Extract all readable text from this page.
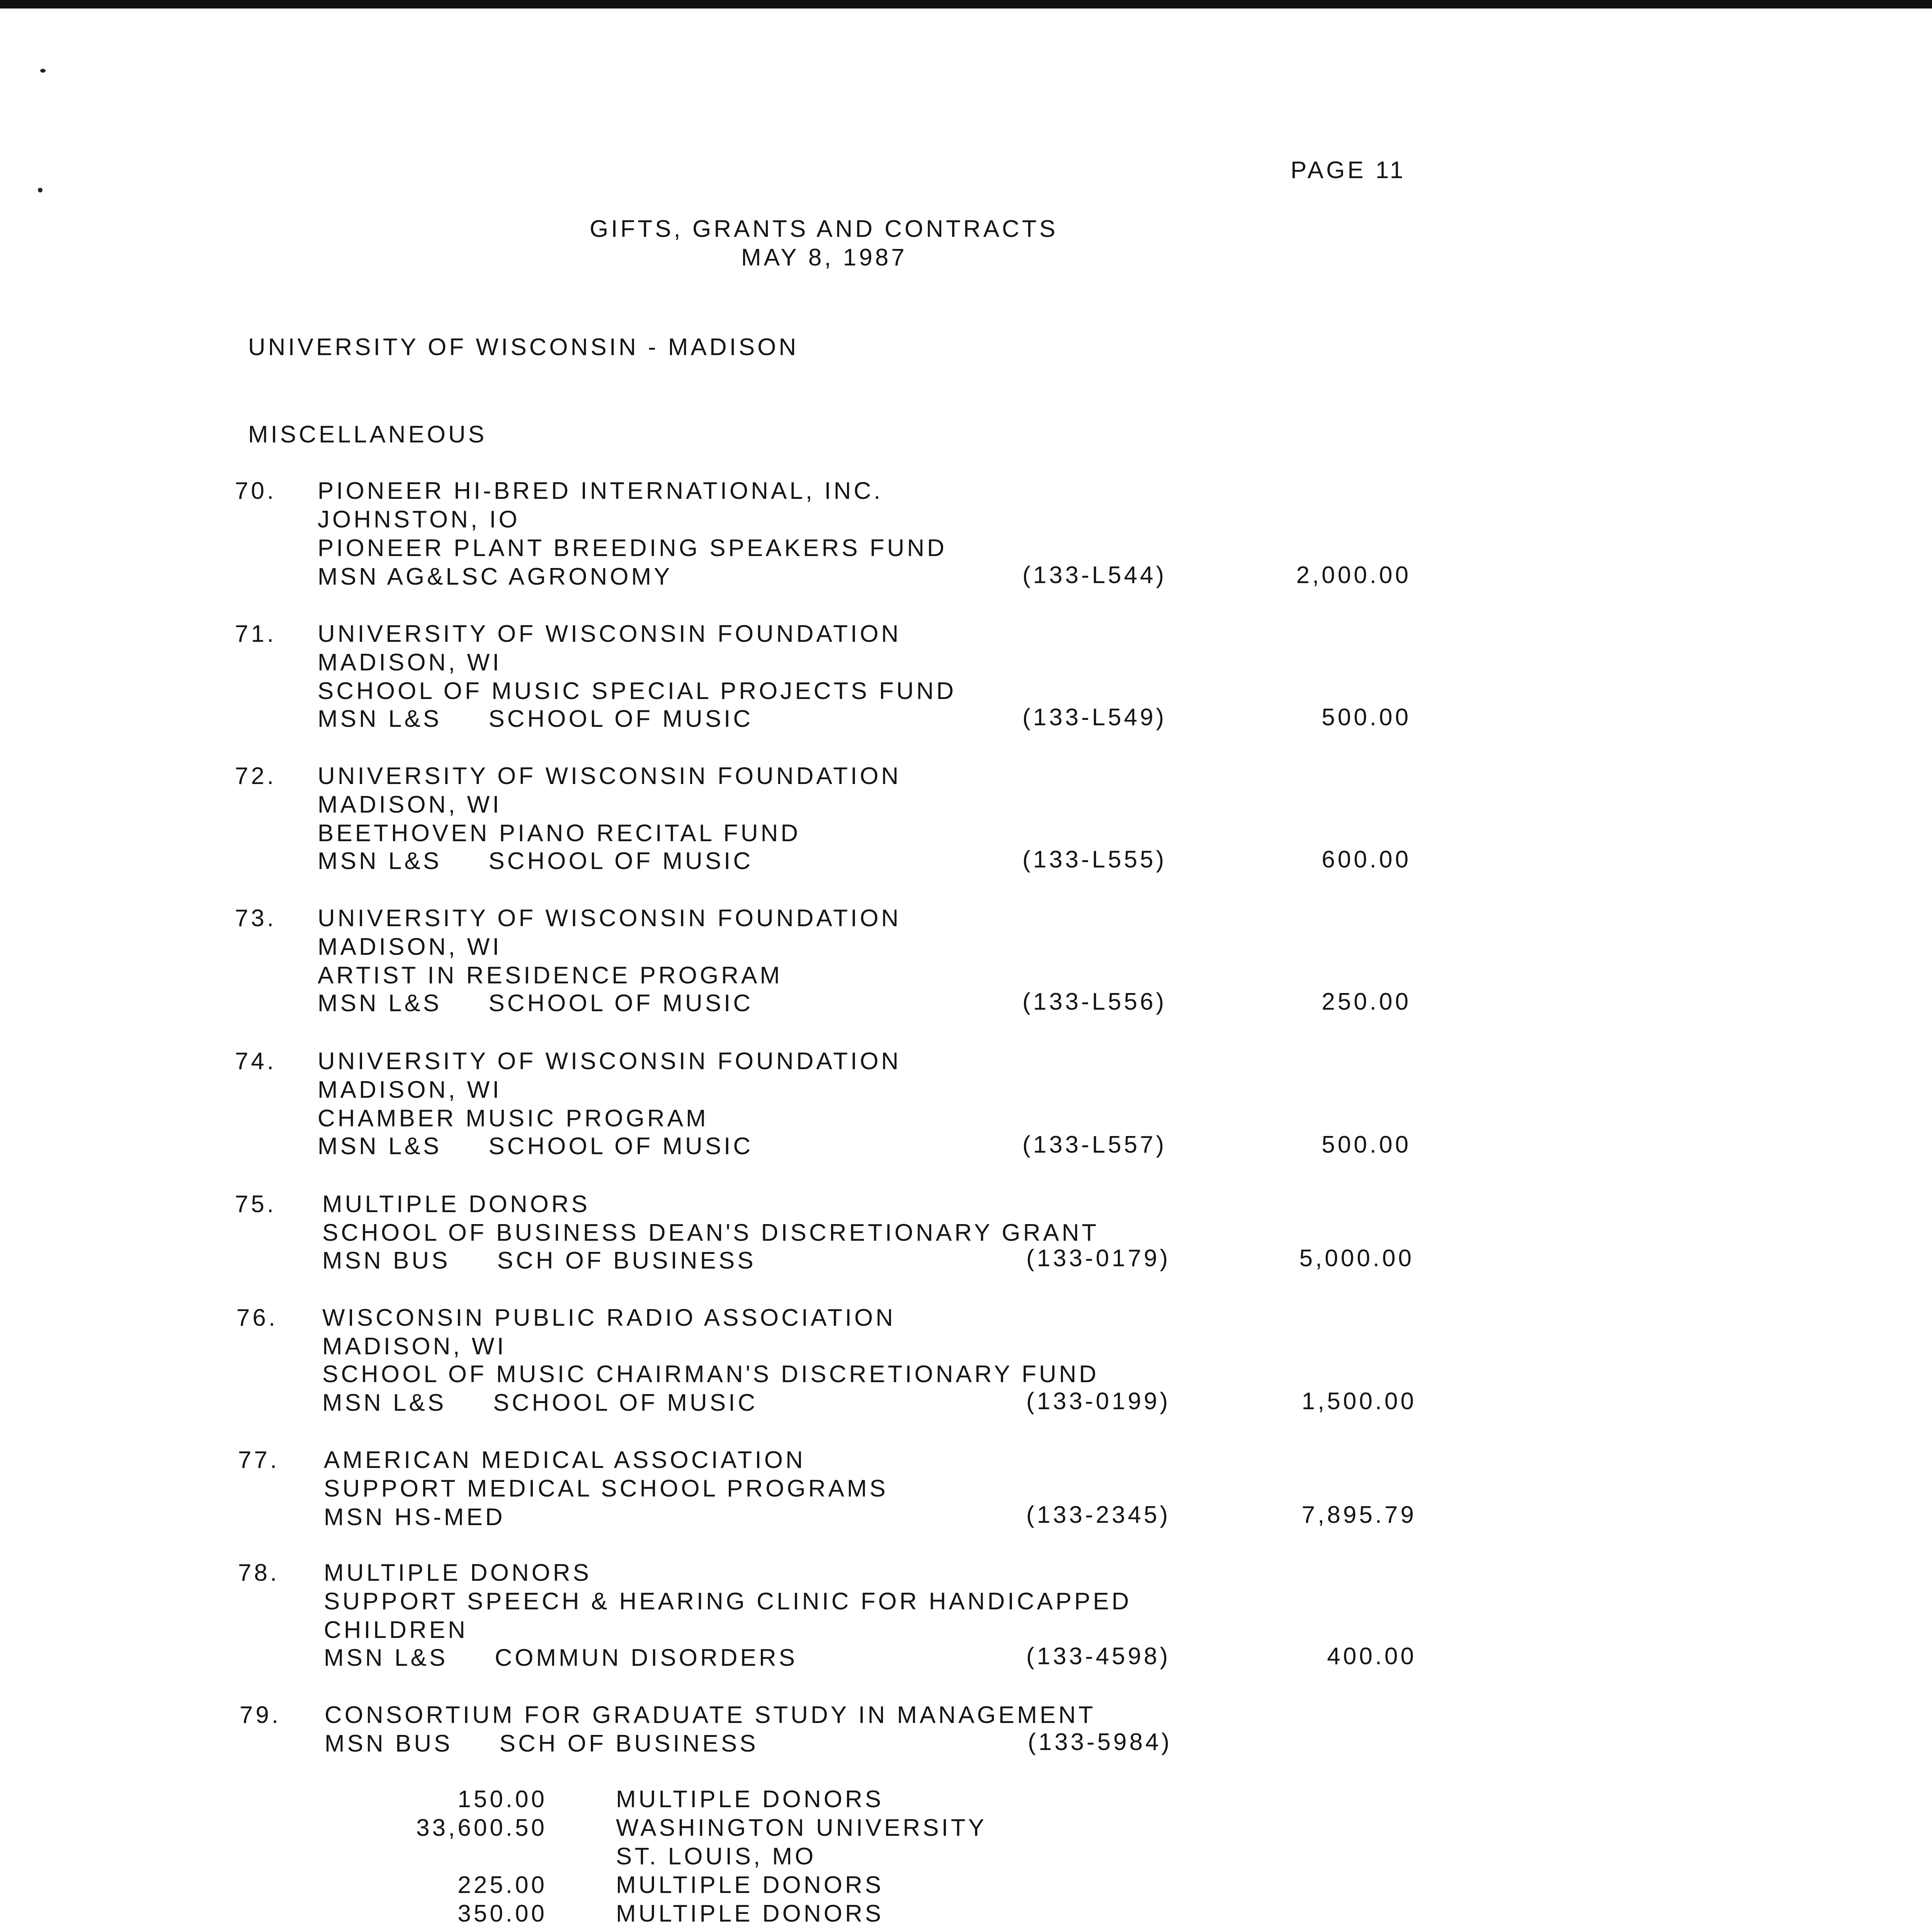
PAGE 11
GIFTS, GRANTS AND CONTRACTS
MAY 8, 1987
UNIVERSITY OF WISCONSIN - MADISON
MISCELLANEOUS
70. PIONEER HI-BRED INTERNATIONAL, INC.
JOHNSTON, IO
PIONEER PLANT BREEDING SPEAKERS FUND
MSN AG&LSC AGRONOMY	(133-L544)	2,000.00
71. UNIVERSITY OF WISCONSIN FOUNDATION
MADISON, WI
SCHOOL OF MUSIC SPECIAL PROJECTS FUND
MSN L&S     SCHOOL OF MUSIC	(133-L549)	500.00
72. UNIVERSITY OF WISCONSIN FOUNDATION
MADISON, WI
BEETHOVEN PIANO RECITAL FUND
MSN L&S     SCHOOL OF MUSIC	(133-L555)	600.00
73. UNIVERSITY OF WISCONSIN FOUNDATION
MADISON, WI
ARTIST IN RESIDENCE PROGRAM
MSN L&S     SCHOOL OF MUSIC	(133-L556)	250.00
74. UNIVERSITY OF WISCONSIN FOUNDATION
MADISON, WI
CHAMBER MUSIC PROGRAM
MSN L&S     SCHOOL OF MUSIC	(133-L557)	500.00
75. MULTIPLE DONORS
SCHOOL OF BUSINESS DEAN'S DISCRETIONARY GRANT
MSN BUS     SCH OF BUSINESS	(133-0179)	5,000.00
76. WISCONSIN PUBLIC RADIO ASSOCIATION
MADISON, WI
SCHOOL OF MUSIC CHAIRMAN'S DISCRETIONARY FUND
MSN L&S     SCHOOL OF MUSIC	(133-0199)	1,500.00
77. AMERICAN MEDICAL ASSOCIATION
SUPPORT MEDICAL SCHOOL PROGRAMS
MSN HS-MED	(133-2345)	7,895.79
78. MULTIPLE DONORS
SUPPORT SPEECH & HEARING CLINIC FOR HANDICAPPED
CHILDREN
MSN L&S     COMMUN DISORDERS	(133-4598)	400.00
79. CONSORTIUM FOR GRADUATE STUDY IN MANAGEMENT
MSN BUS     SCH OF BUSINESS	(133-5984)
150.00	MULTIPLE DONORS
33,600.50	WASHINGTON UNIVERSITY
ST. LOUIS, MO
225.00	MULTIPLE DONORS
350.00	MULTIPLE DONORS
